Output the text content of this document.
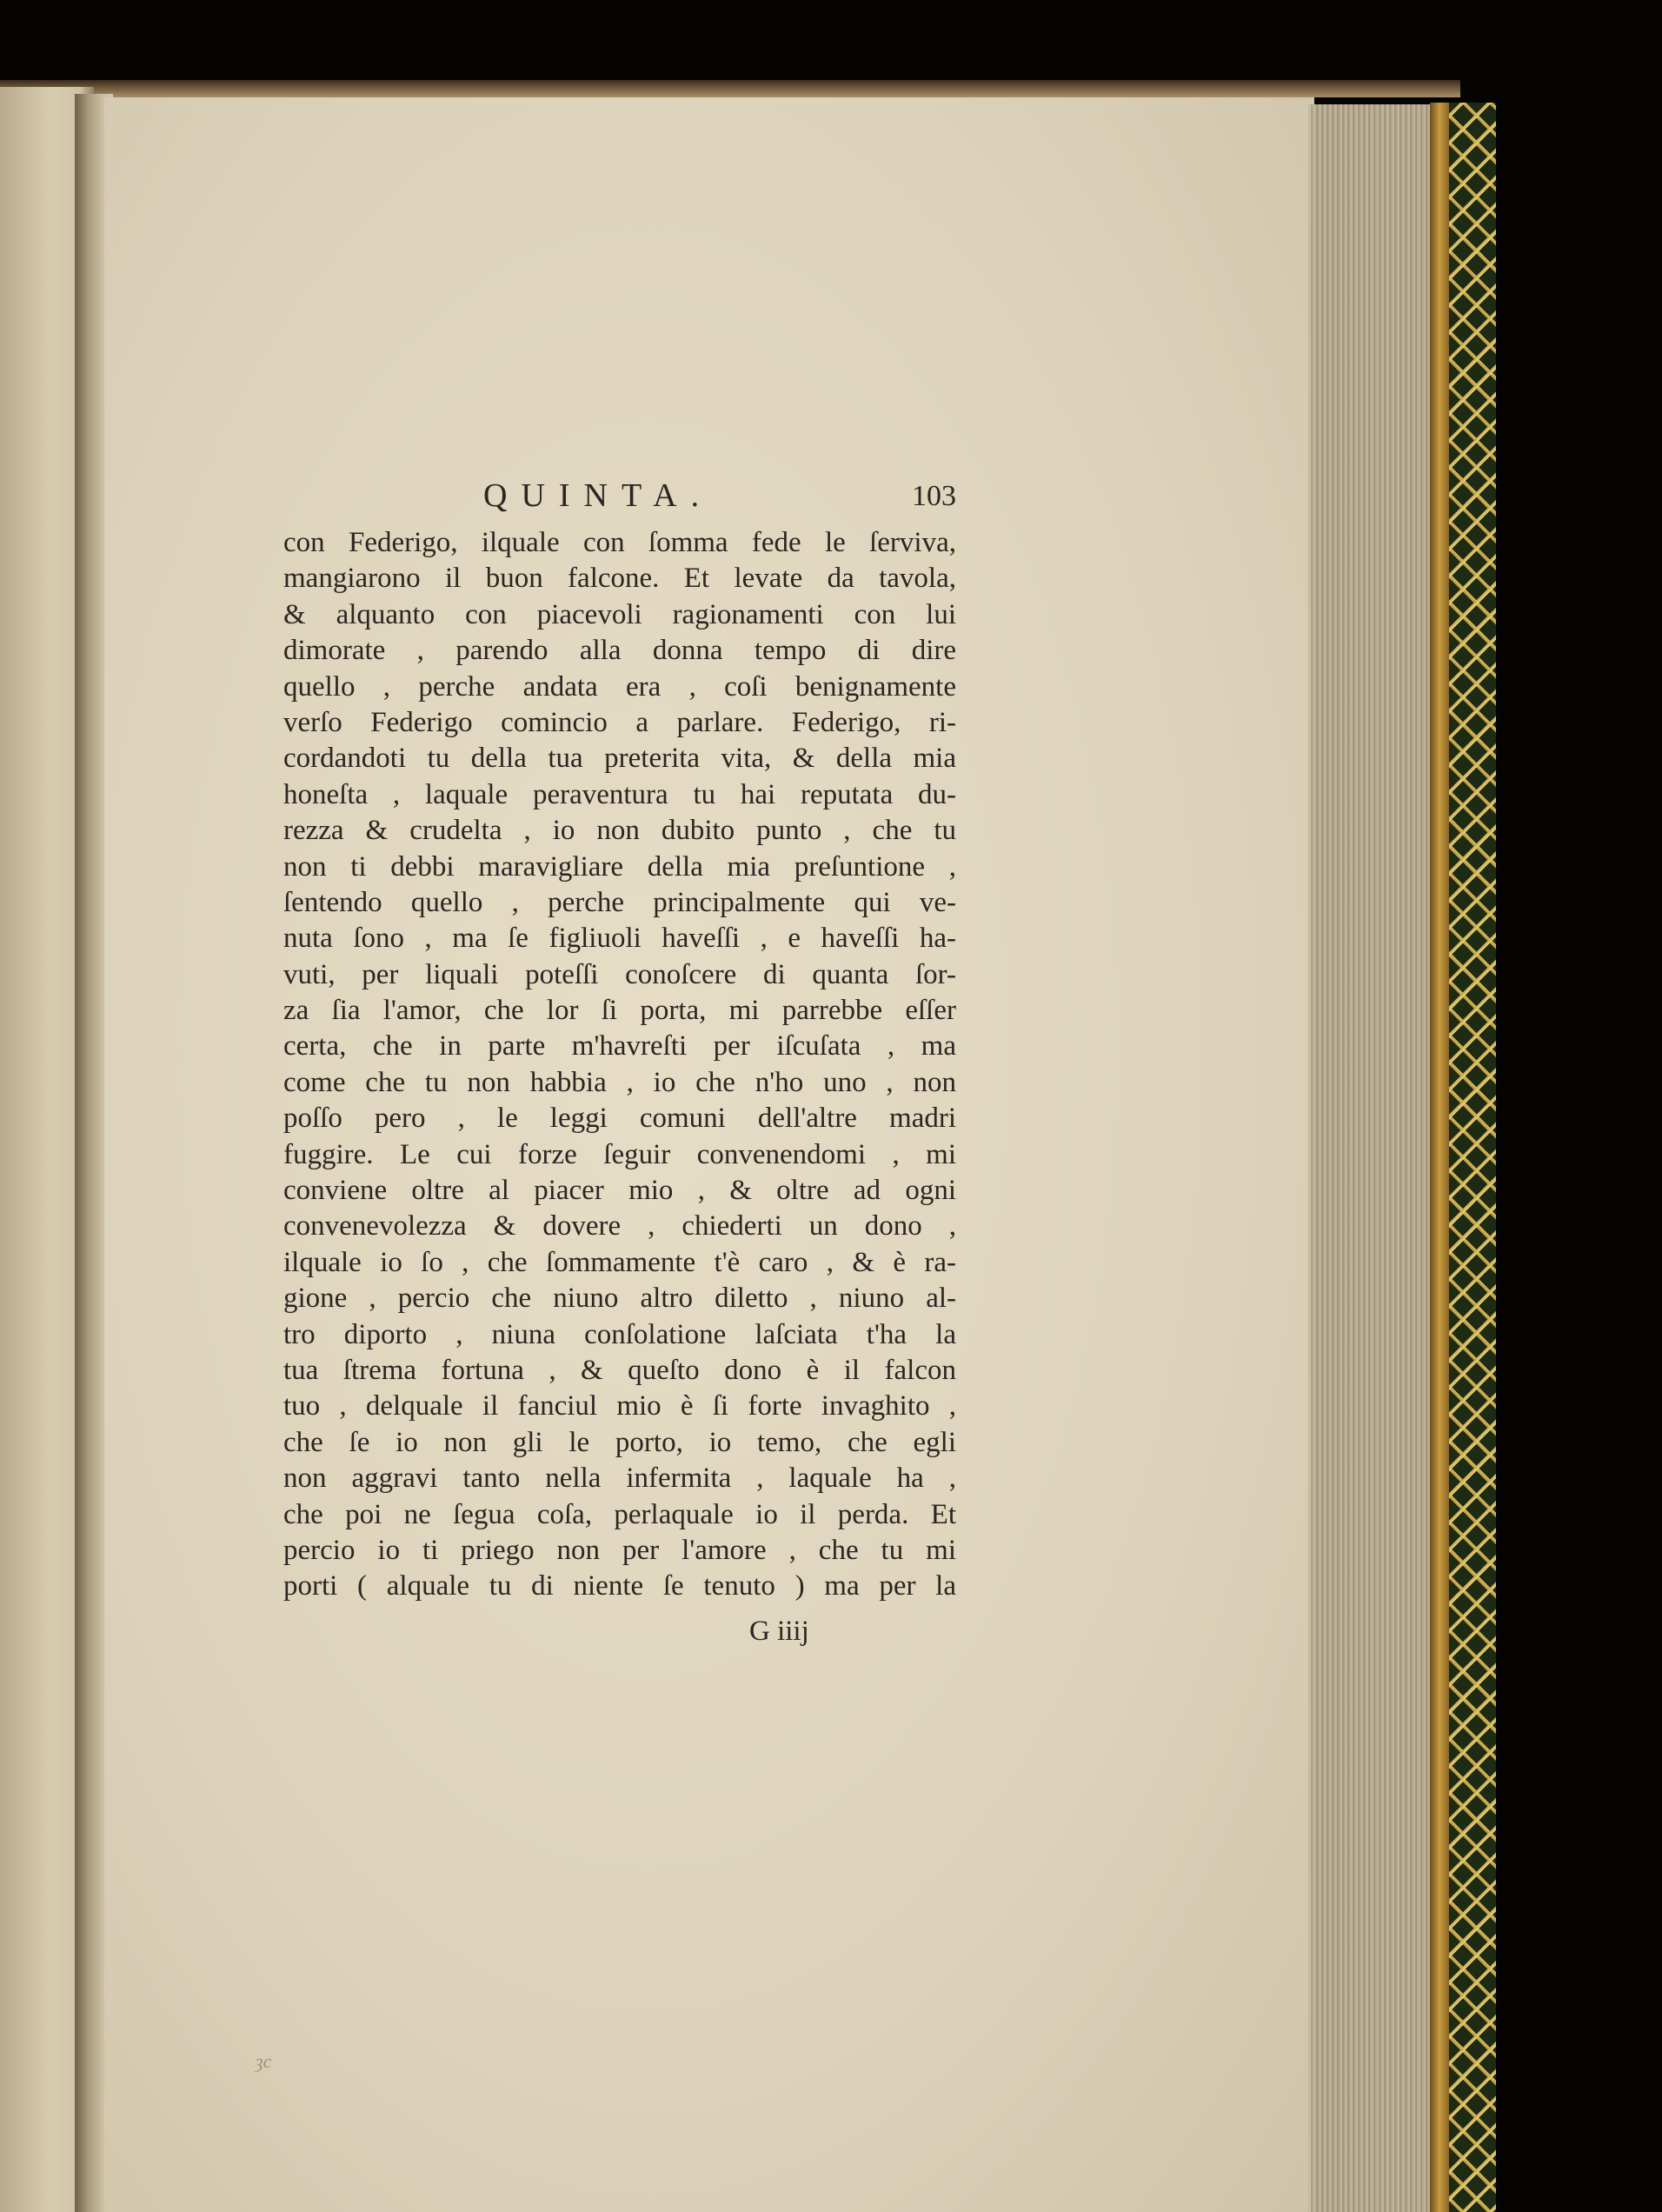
QUINTA.	103
con Federigo, ilquale con ſomma fede le ſerviva,
mangiarono il buon falcone. Et levate da tavola,
& alquanto con piacevoli ragionamenti con lui
dimorate , parendo alla donna tempo di dire
quello , perche andata era , coſi benignamente
verſo Federigo comincio a parlare. Federigo, ri-
cordandoti tu della tua preterita vita, & della mia
honeſta , laquale peraventura tu hai reputata du-
rezza & crudelta , io non dubito punto , che tu
non ti debbi maravigliare della mia preſuntione ,
ſentendo quello , perche principalmente qui ve-
nuta ſono , ma ſe figliuoli haveſſi , e haveſſi ha-
vuti, per liquali poteſſi conoſcere di quanta ſor-
za ſia l'amor, che lor ſi porta, mi parrebbe eſſer
certa, che in parte m'havreſti per iſcuſata , ma
come che tu non habbia , io che n'ho uno , non
poſſo pero , le leggi comuni dell'altre madri
fuggire. Le cui forze ſeguir convenendomi , mi
conviene oltre al piacer mio , & oltre ad ogni
convenevolezza & dovere , chiederti un dono ,
ilquale io ſo , che ſommamente t'è caro , & è ra-
gione , percio che niuno altro diletto , niuno al-
tro diporto , niuna conſolatione laſciata t'ha la
tua ſtrema fortuna , & queſto dono è il falcon
tuo , delquale il fanciul mio è ſi forte invaghito ,
che ſe io non gli le porto, io temo, che egli
non aggravi tanto nella infermita , laquale ha ,
che poi ne ſegua coſa, perlaquale io il perda. Et
percio io ti priego non per l'amore , che tu mi
porti ( alquale tu di niente ſe tenuto ) ma per la
G iiij
ȝc
